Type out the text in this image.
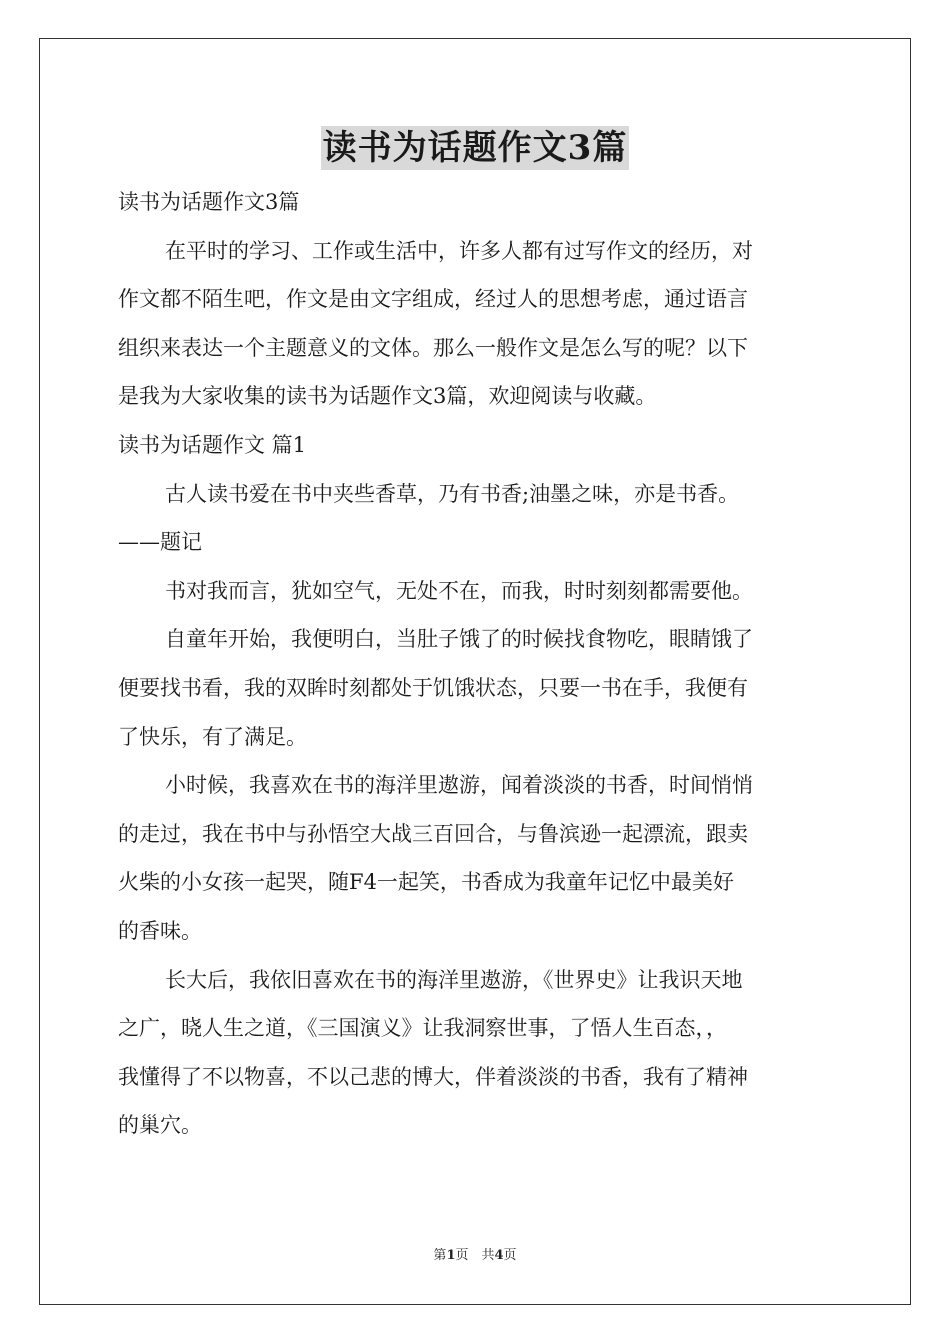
读书为话题作文3篇
读书为话题作文3篇
在平时的学习、工作或生活中，许多人都有过写作文的经历，对
作文都不陌生吧，作文是由文字组成，经过人的思想考虑，通过语言
组织来表达一个主题意义的文体。那么一般作文是怎么写的呢？以下
是我为大家收集的读书为话题作文3篇，欢迎阅读与收藏。
读书为话题作文 篇1
古人读书爱在书中夹些香草，乃有书香;油墨之味，亦是书香。
——题记
书对我而言，犹如空气，无处不在，而我，时时刻刻都需要他。
自童年开始，我便明白，当肚子饿了的时候找食物吃，眼睛饿了
便要找书看，我的双眸时刻都处于饥饿状态，只要一书在手，我便有
了快乐，有了满足。
小时候，我喜欢在书的海洋里遨游，闻着淡淡的书香，时间悄悄
的走过，我在书中与孙悟空大战三百回合，与鲁滨逊一起漂流，跟卖
火柴的小女孩一起哭，随F4一起笑，书香成为我童年记忆中最美好
的香味。
长大后，我依旧喜欢在书的海洋里遨游，《世界史》让我识天地
之广，晓人生之道，《三国演义》让我洞察世事，了悟人生百态，，
我懂得了不以物喜，不以己悲的博大，伴着淡淡的书香，我有了精神
的巢穴。
第1页　共4页
